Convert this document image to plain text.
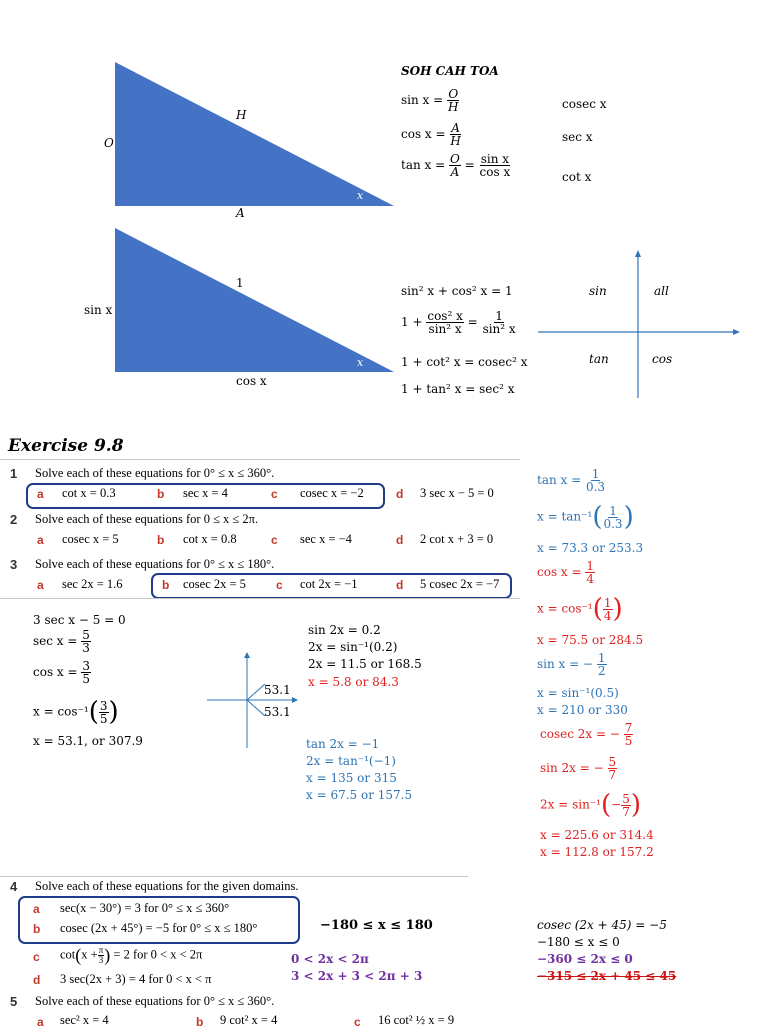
H
O
A
x
SOH CAH TOA
$\sin x = \frac{O}{H}$
$\cos x = \frac{A}{H}$
$\tan x = \frac{O}{A} = \frac{\text{sin x}}{\text{cos x}}$
cosec x
sec x
cot x
1
sin x
cos x
x
sin² x + cos² x = 1
$1 + \frac{\text{cos² x}}{\text{sin² x}} = \frac{1}{\text{sin² x}}$
1 + cot² x = cosec² x
1 + tan² x = sec² x
sin	all
tan	cos
Exercise 9.8
1 Solve each of these equations for 0° ≤ x ≤ 360°.
a cot x = 0.3	b sec x = 4	c cosec x = −2	d 3 sec x − 5 = 0
2 Solve each of these equations for 0 ≤ x ≤ 2π.
a cosec x = 5	b cot x = 0.8	c sec x = −4	d 2 cot x + 3 = 0
3 Solve each of these equations for 0° ≤ x ≤ 180°.
a sec 2x = 1.6	b cosec 2x = 5	c cot 2x = −1	d 5 cosec 2x = −7
3 sec x − 5 = 0
$\sec x = \frac{5}{3}$
$\cos x = \frac{3}{5}$
$x = \cos^{-1}( \frac{3}{5}$ )
x = 53.1, or 307.9
53.1
53.1
sin 2x = 0.2
2x = sin⁻¹(0.2)
2x = 11.5 or 168.5
x = 5.8 or 84.3
tan 2x = −1
2x = tan⁻¹(−1)
x = 135 or 315
x = 67.5 or 157.5
$\tan x = \frac{1}{0.3}$
$x = \tan^{-1}( \frac{1}{0.3}$ )
x = 73.3 or 253.3
$\cos x = \frac{1}{4}$
$x = \cos^{-1}( \frac{1}{4}$ )
x = 75.5 or 284.5
sin x = − $\frac{1}{2}$
x = sin⁻¹(0.5)
x = 210 or 330
cosec 2x = − $\frac{7}{5}$
sin 2x = − $\frac{5}{7}$
$2x = \sin^{-1}(- \frac{5}{7}$ )
x = 225.6 or 314.4
x = 112.8 or 157.2
4 Solve each of these equations for the given domains.
a sec(x − 30°) = 3 for 0° ≤ x ≤ 360°
b cosec (2x + 45°) = −5 for 0° ≤ x ≤ 180°
c $\cot(x + \frac{\pi}{3}$ ) = 2 for 0 < x < 2π
d 3 sec(2x + 3) = 4 for 0 < x < π
−180 ≤ x ≤ 180
0 < 2x < 2π
3 < 2x + 3 < 2π + 3
cosec (2x + 45) = −5
−180 ≤ x ≤ 0
−360 ≤ 2x ≤ 0
−315 ≤ 2x + 45 ≤ 45
5 Solve each of these equations for 0° ≤ x ≤ 360°.
a sec² x = 4	b 9 cot² x = 4	c 16 cot² ½ x = 9
